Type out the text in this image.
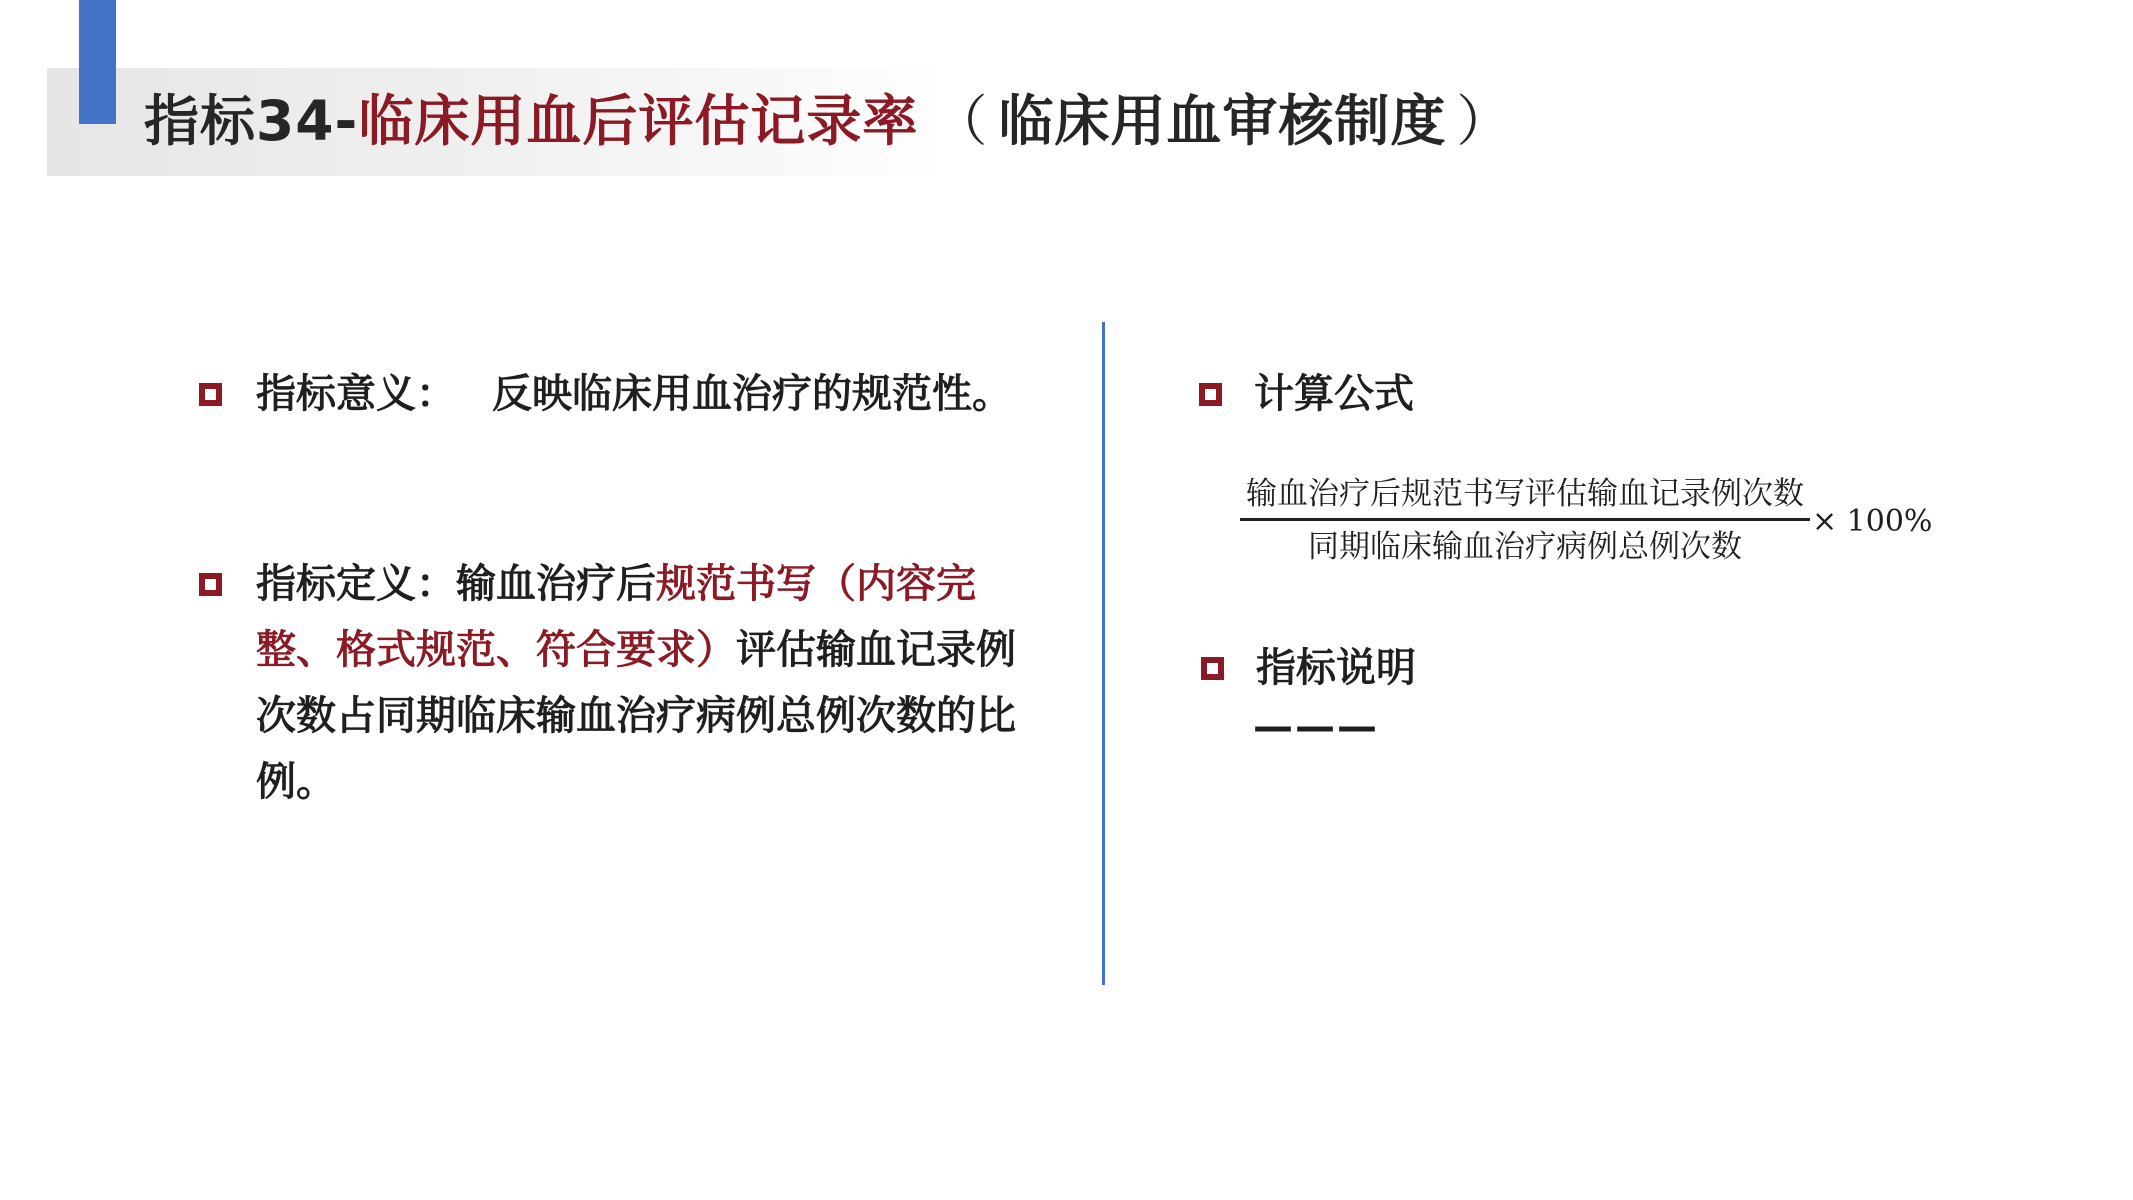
指标34-临床用血后评估记录率 （ 临床用血审核制度 ）
指标意义： 反映临床用血治疗的规范性。
指标定义：输血治疗后规范书写（内容完整、格式规范、符合要求）评估输血记录例次数占同期临床输血治疗病例总例次数的比例。
计算公式
输血治疗后规范书写评估输血记录例次数
同期临床输血治疗病例总例次数
× 100%
指标说明
———
